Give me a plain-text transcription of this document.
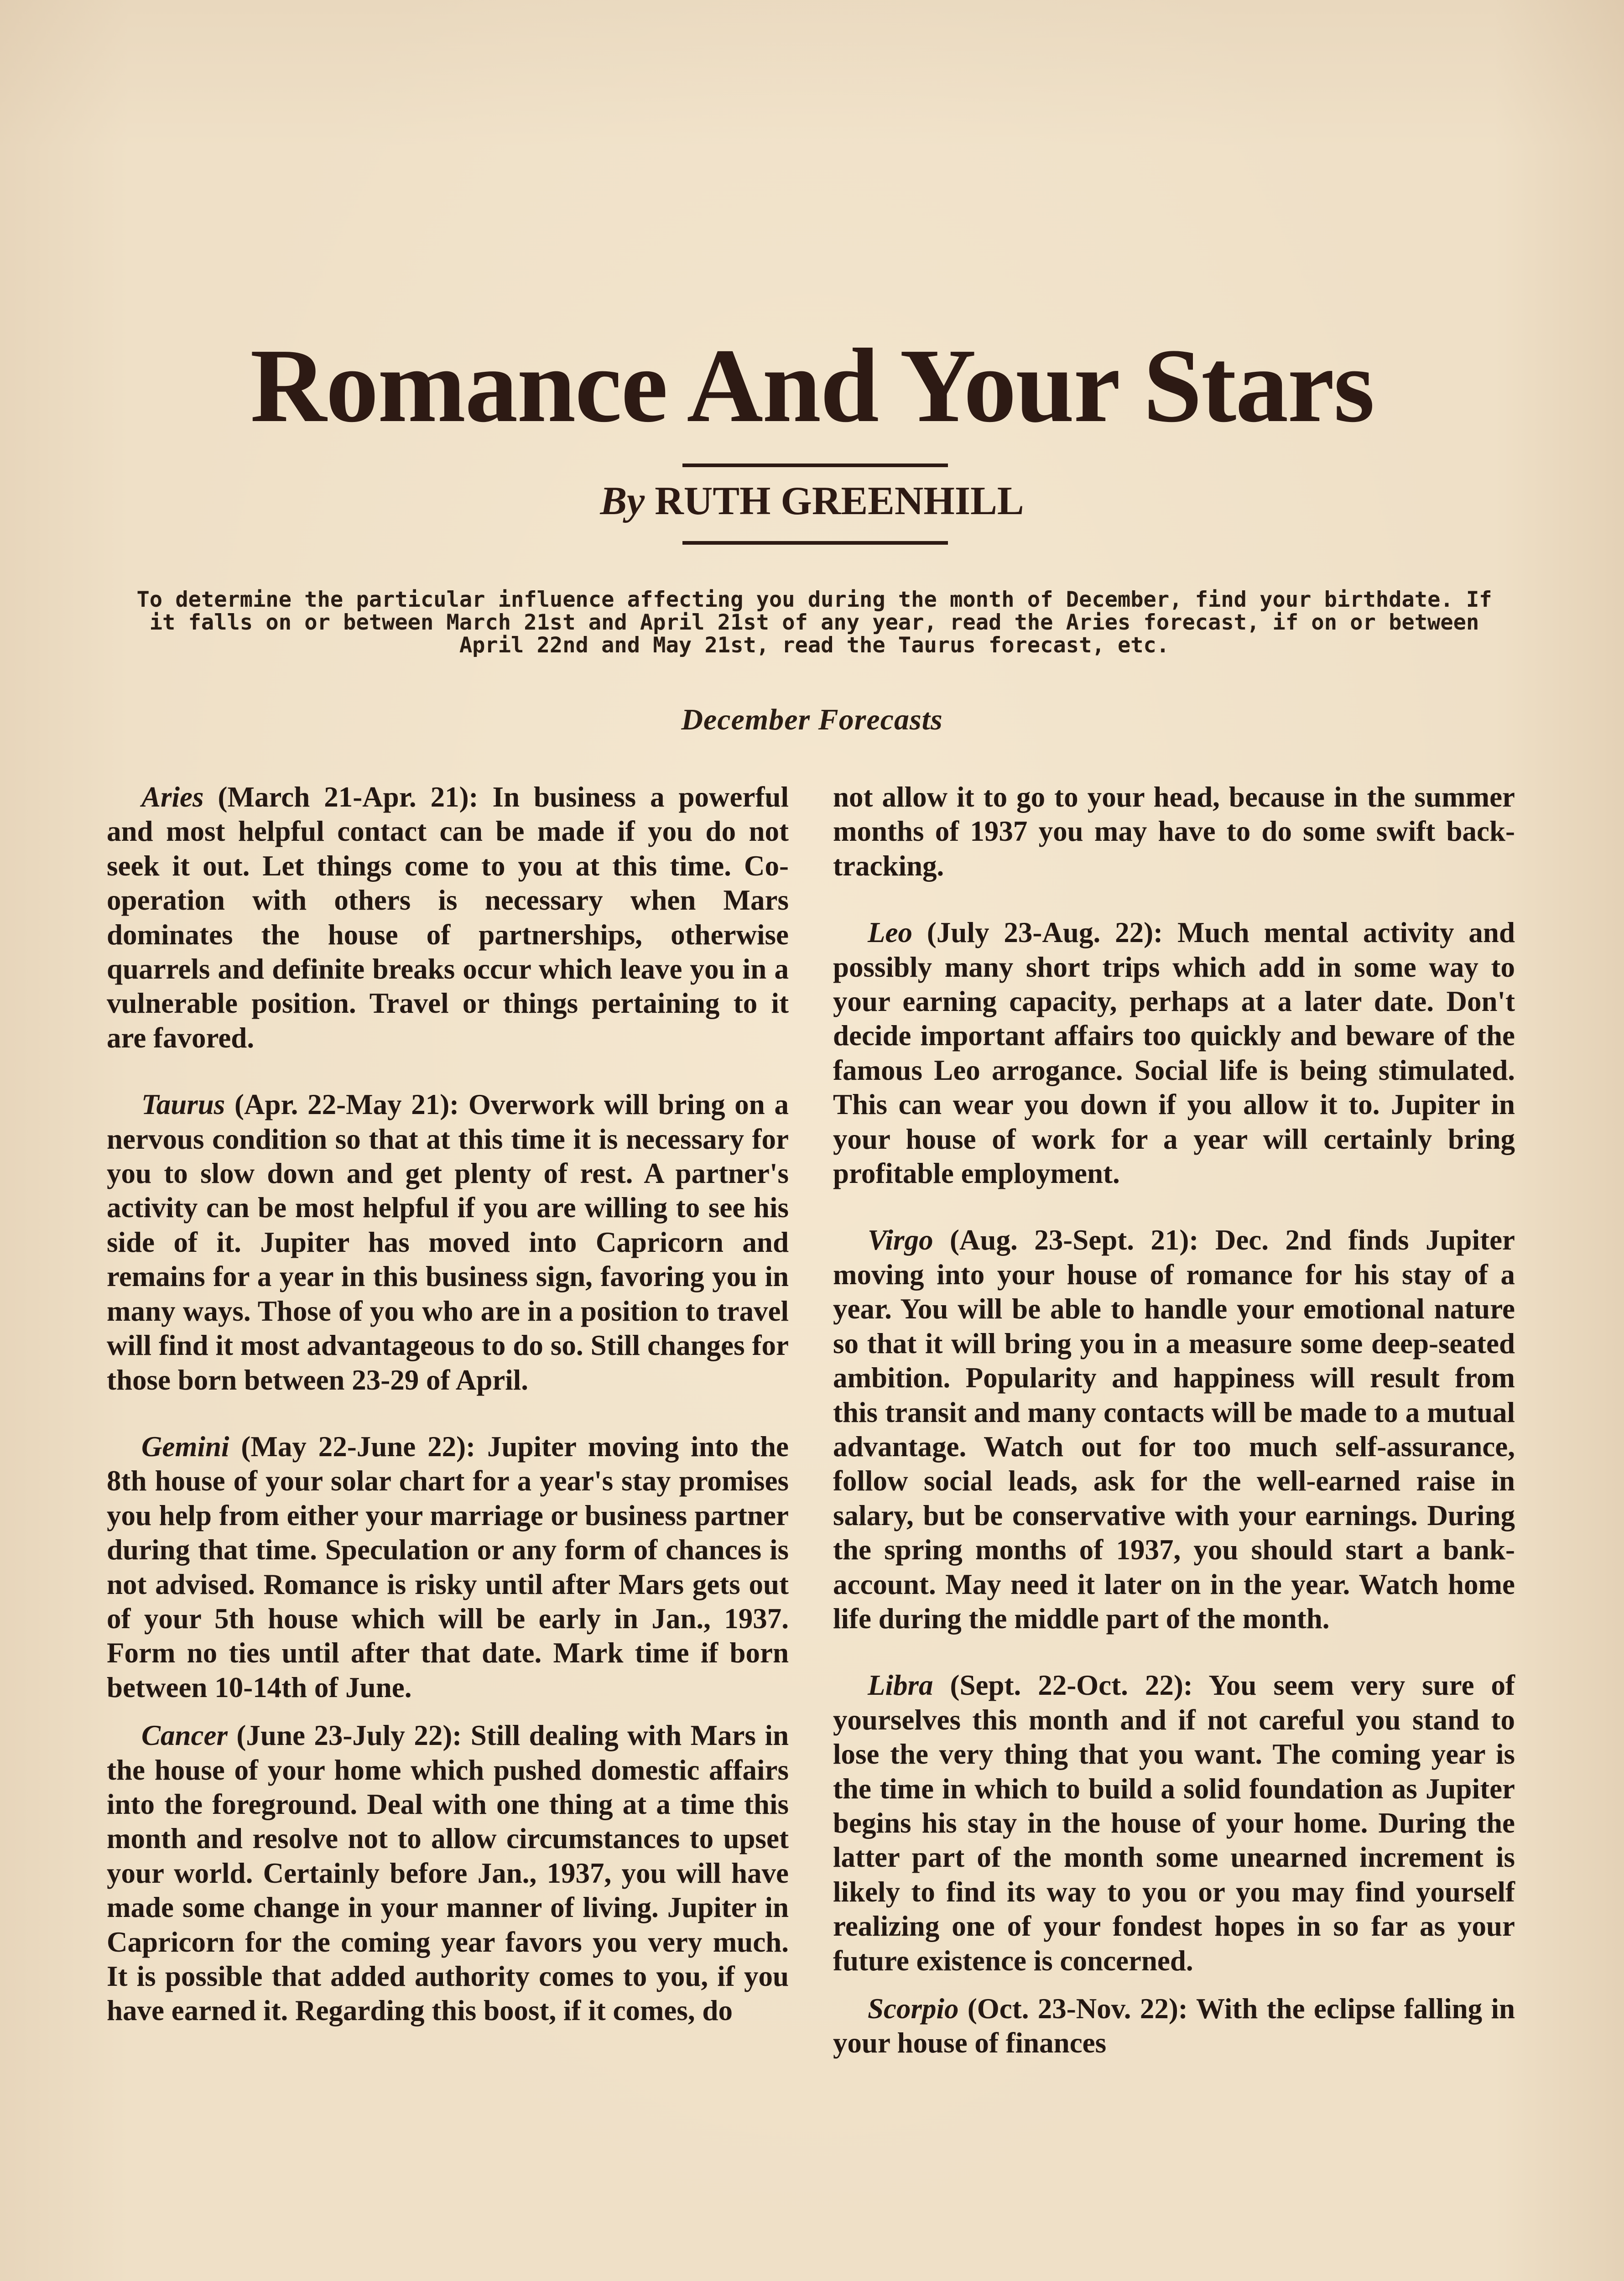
Romance And Your Stars
By RUTH GREENHILL
To determine the particular influence affecting you during the month of December, find your birthdate. If it falls on or between March 21st and April 21st of any year, read the Aries forecast, if on or between April 22nd and May 21st, read the Taurus forecast, etc.
December Forecasts

Aries (March 21-Apr. 21): In business a powerful and most helpful contact can be made if you do not seek it out. Let things come to you at this time. Co-operation with others is necessary when Mars dominates the house of partnerships, otherwise quarrels and definite breaks occur which leave you in a vulnerable position. Travel or things pertaining to it are favored.

Taurus (Apr. 22-May 21): Overwork will bring on a nervous condition so that at this time it is necessary for you to slow down and get plenty of rest. A partner's activity can be most helpful if you are willing to see his side of it. Jupiter has moved into Capricorn and remains for a year in this business sign, favoring you in many ways. Those of you who are in a position to travel will find it most advantageous to do so. Still changes for those born between 23-29 of April.

Gemini (May 22-June 22): Jupiter moving into the 8th house of your solar chart for a year's stay promises you help from either your marriage or business partner during that time. Speculation or any form of chances is not advised. Romance is risky until after Mars gets out of your 5th house which will be early in Jan., 1937. Form no ties until after that date. Mark time if born between 10-14th of June.

Cancer (June 23-July 22): Still dealing with Mars in the house of your home which pushed domestic affairs into the foreground. Deal with one thing at a time this month and resolve not to allow circumstances to upset your world. Certainly before Jan., 1937, you will have made some change in your manner of living. Jupiter in Capricorn for the coming year favors you very much. It is possible that added authority comes to you, if you have earned it. Regarding this boost, if it comes, do

not allow it to go to your head, because in the summer months of 1937 you may have to do some swift back-tracking.

Leo (July 23-Aug. 22): Much mental activity and possibly many short trips which add in some way to your earning capacity, perhaps at a later date. Don't decide important affairs too quickly and beware of the famous Leo arrogance. Social life is being stimulated. This can wear you down if you allow it to. Jupiter in your house of work for a year will certainly bring profitable employment.

Virgo (Aug. 23-Sept. 21): Dec. 2nd finds Jupiter moving into your house of romance for his stay of a year. You will be able to handle your emotional nature so that it will bring you in a measure some deep-seated ambition. Popularity and happiness will result from this transit and many contacts will be made to a mutual advantage. Watch out for too much self-assurance, follow social leads, ask for the well-earned raise in salary, but be conservative with your earnings. During the spring months of 1937, you should start a bank-account. May need it later on in the year. Watch home life during the middle part of the month.

Libra (Sept. 22-Oct. 22): You seem very sure of yourselves this month and if not careful you stand to lose the very thing that you want. The coming year is the time in which to build a solid foundation as Jupiter begins his stay in the house of your home. During the latter part of the month some unearned increment is likely to find its way to you or you may find yourself realizing one of your fondest hopes in so far as your future existence is concerned.

Scorpio (Oct. 23-Nov. 22): With the eclipse falling in your house of finances
